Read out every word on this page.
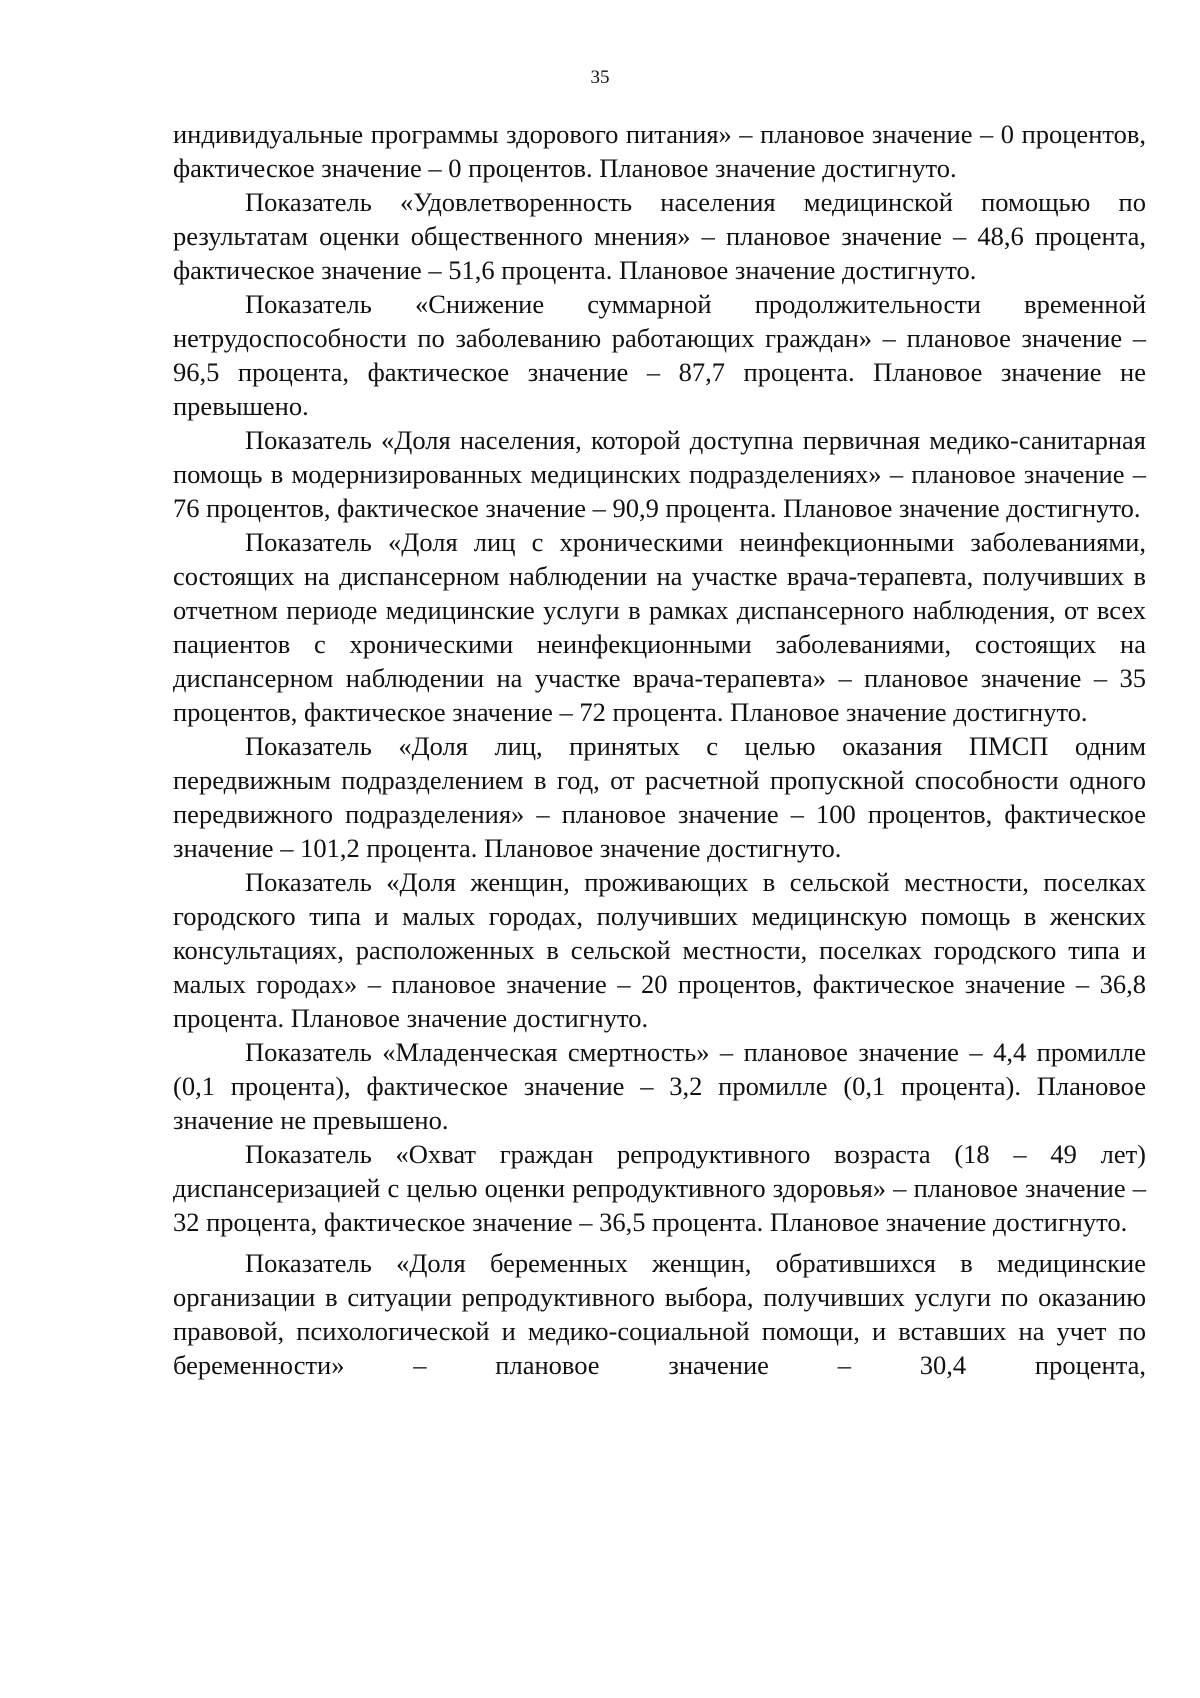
35

индивидуальные программы здорового питания» – плановое значение – 0 процентов, фактическое значение – 0 процентов. Плановое значение достигнуто.

Показатель «Удовлетворенность населения медицинской помощью по результатам оценки общественного мнения» – плановое значение – 48,6 процента, фактическое значение – 51,6 процента. Плановое значение достигнуто.

Показатель «Снижение суммарной продолжительности временной нетрудоспособности по заболеванию работающих граждан» – плановое значение – 96,5 процента, фактическое значение – 87,7 процента. Плановое значение не превышено.

Показатель «Доля населения, которой доступна первичная медико-санитарная помощь в модернизированных медицинских подразделениях» – плановое значение – 76 процентов, фактическое значение – 90,9 процента. Плановое значение достигнуто.

Показатель «Доля лиц с хроническими неинфекционными заболеваниями, состоящих на диспансерном наблюдении на участке врача-терапевта, получивших в отчетном периоде медицинские услуги в рамках диспансерного наблюдения, от всех пациентов с хроническими неинфекционными заболеваниями, состоящих на диспансерном наблюдении на участке врача-терапевта» – плановое значение – 35 процентов, фактическое значение – 72 процента. Плановое значение достигнуто.

Показатель «Доля лиц, принятых с целью оказания ПМСП одним передвижным подразделением в год, от расчетной пропускной способности одного передвижного подразделения» – плановое значение – 100 процентов, фактическое значение – 101,2 процента. Плановое значение достигнуто.

Показатель «Доля женщин, проживающих в сельской местности, поселках городского типа и малых городах, получивших медицинскую помощь в женских консультациях, расположенных в сельской местности, поселках городского типа и малых городах» – плановое значение – 20 процентов, фактическое значение – 36,8 процента. Плановое значение достигнуто.

Показатель «Младенческая смертность» – плановое значение – 4,4 промилле (0,1 процента), фактическое значение – 3,2 промилле (0,1 процента). Плановое значение не превышено.

Показатель «Охват граждан репродуктивного возраста (18 – 49 лет) диспансеризацией с целью оценки репродуктивного здоровья» – плановое значение – 32 процента, фактическое значение – 36,5 процента. Плановое значение достигнуто.

Показатель «Доля беременных женщин, обратившихся в медицинские организации в ситуации репродуктивного выбора, получивших услуги по оказанию правовой, психологической и медико-социальной помощи, и вставших на учет по беременности» – плановое значение – 30,4 процента,
